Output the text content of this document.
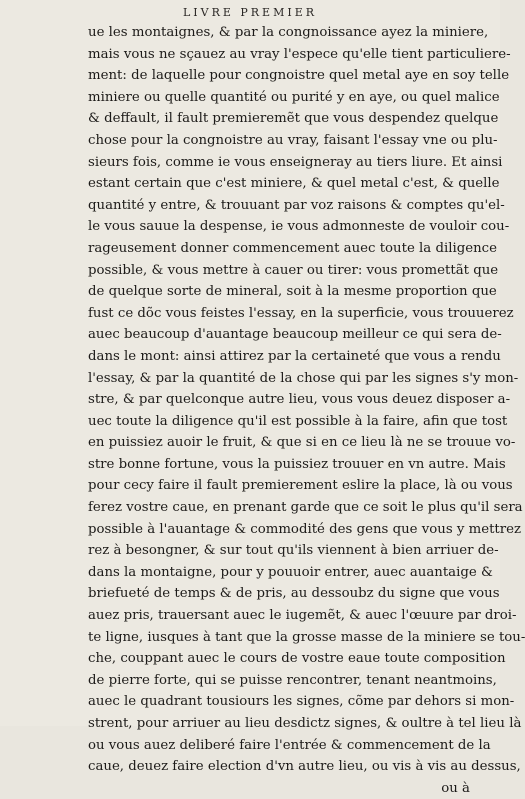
LIVRE PREMIER
ue les montaignes, & par la congnoissance ayez la miniere,
mais vous ne sçauez au vray l'espece qu'elle tient particuliere-
ment: de laquelle pour congnoistre quel metal aye en soy telle
miniere ou quelle quantité ou purité y en aye, ou quel malice
& deffault, il fault premieremẽt que vous despendez quelque
chose pour la congnoistre au vray, faisant l'essay vne ou plu-
sieurs fois, comme ie vous enseigneray au tiers liure. Et ainsi
estant certain que c'est miniere, & quel metal c'est, & quelle
quantité y entre, & trouuant par voz raisons & comptes qu'el-
le vous sauue la despense, ie vous admonneste de vouloir cou-
rageusement donner commencement auec toute la diligence
possible, & vous mettre à cauer ou tirer: vous promettãt que
de quelque sorte de mineral, soit à la mesme proportion que
fust ce dõc vous feistes l'essay, en la superficie, vous trouuerez
auec beaucoup d'auantage beaucoup meilleur ce qui sera de-
dans le mont: ainsi attirez par la certaineté que vous a rendu
l'essay, & par la quantité de la chose qui par les signes s'y mon-
stre, & par quelconque autre lieu, vous vous deuez disposer a-
uec toute la diligence qu'il est possible à la faire, afin que tost
en puissiez auoir le fruit, & que si en ce lieu là ne se trouue vo-
stre bonne fortune, vous la puissiez trouuer en vn autre. Mais
pour cecy faire il fault premierement eslire la place, là ou vous
ferez vostre caue, en prenant garde que ce soit le plus qu'il sera
possible à l'auantage & commodité des gens que vous y mettrez
rez à besongner, & sur tout qu'ils viennent à bien arriuer de-
dans la montaigne, pour y pouuoir entrer, auec auantaige &
briefueté de temps & de pris, au dessoubz du signe que vous
auez pris, trauersant auec le iugemẽt, & auec l'œuure par droi-
te ligne, iusques à tant que la grosse masse de la miniere se tou-
che, couppant auec le cours de vostre eaue toute composition
de pierre forte, qui se puisse rencontrer, tenant neantmoins,
auec le quadrant tousiours les signes, cõme par dehors si mon-
strent, pour arriuer au lieu desdictz signes, & oultre à tel lieu là
ou vous auez deliberé faire l'entrée & commencement de la
caue, deuez faire election d'vn autre lieu, ou vis à vis au dessus,
ou à
